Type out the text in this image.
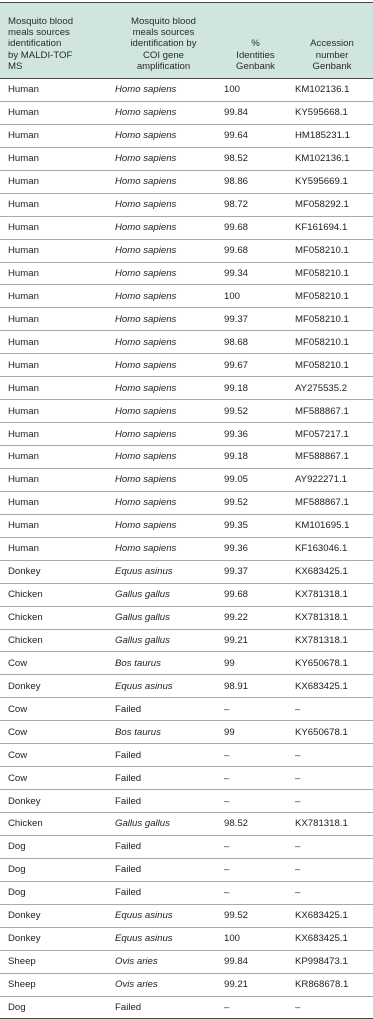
Mosquito blood
meals sources
identification
by MALDI-TOF
MS	Mosquito blood
meals sources
identification by
COI gene
amplification	%
Identities
Genbank	Accession
number
Genbank

Human	Homo sapiens	100	KM102136.1
Human	Homo sapiens	99.84	KY595668.1
Human	Homo sapiens	99.64	HM185231.1
Human	Homo sapiens	98.52	KM102136.1
Human	Homo sapiens	98.86	KY595669.1
Human	Homo sapiens	98.72	MF058292.1
Human	Homo sapiens	99.68	KF161694.1
Human	Homo sapiens	99.68	MF058210.1
Human	Homo sapiens	99.34	MF058210.1
Human	Homo sapiens	100	MF058210.1
Human	Homo sapiens	99.37	MF058210.1
Human	Homo sapiens	98.68	MF058210.1
Human	Homo sapiens	99.67	MF058210.1
Human	Homo sapiens	99.18	AY275535.2
Human	Homo sapiens	99.52	MF588867.1
Human	Homo sapiens	99.36	MF057217.1
Human	Homo sapiens	99.18	MF588867.1
Human	Homo sapiens	99.05	AY922271.1
Human	Homo sapiens	99.52	MF588867.1
Human	Homo sapiens	99.35	KM101695.1
Human	Homo sapiens	99.36	KF163046.1
Donkey	Equus asinus	99.37	KX683425.1
Chicken	Gallus gallus	99.68	KX781318.1
Chicken	Gallus gallus	99.22	KX781318.1
Chicken	Gallus gallus	99.21	KX781318.1
Cow	Bos taurus	99	KY650678.1
Donkey	Equus asinus	98.91	KX683425.1
Cow	Failed	–	–
Cow	Bos taurus	99	KY650678.1
Cow	Failed	–	–
Cow	Failed	–	–
Donkey	Failed	–	–
Chicken	Gallus gallus	98.52	KX781318.1
Dog	Failed	–	–
Dog	Failed	–	–
Dog	Failed	–	–
Donkey	Equus asinus	99.52	KX683425.1
Donkey	Equus asinus	100	KX683425.1
Sheep	Ovis aries	99.84	KP998473.1
Sheep	Ovis aries	99.21	KR868678.1
Dog	Failed	–	–
